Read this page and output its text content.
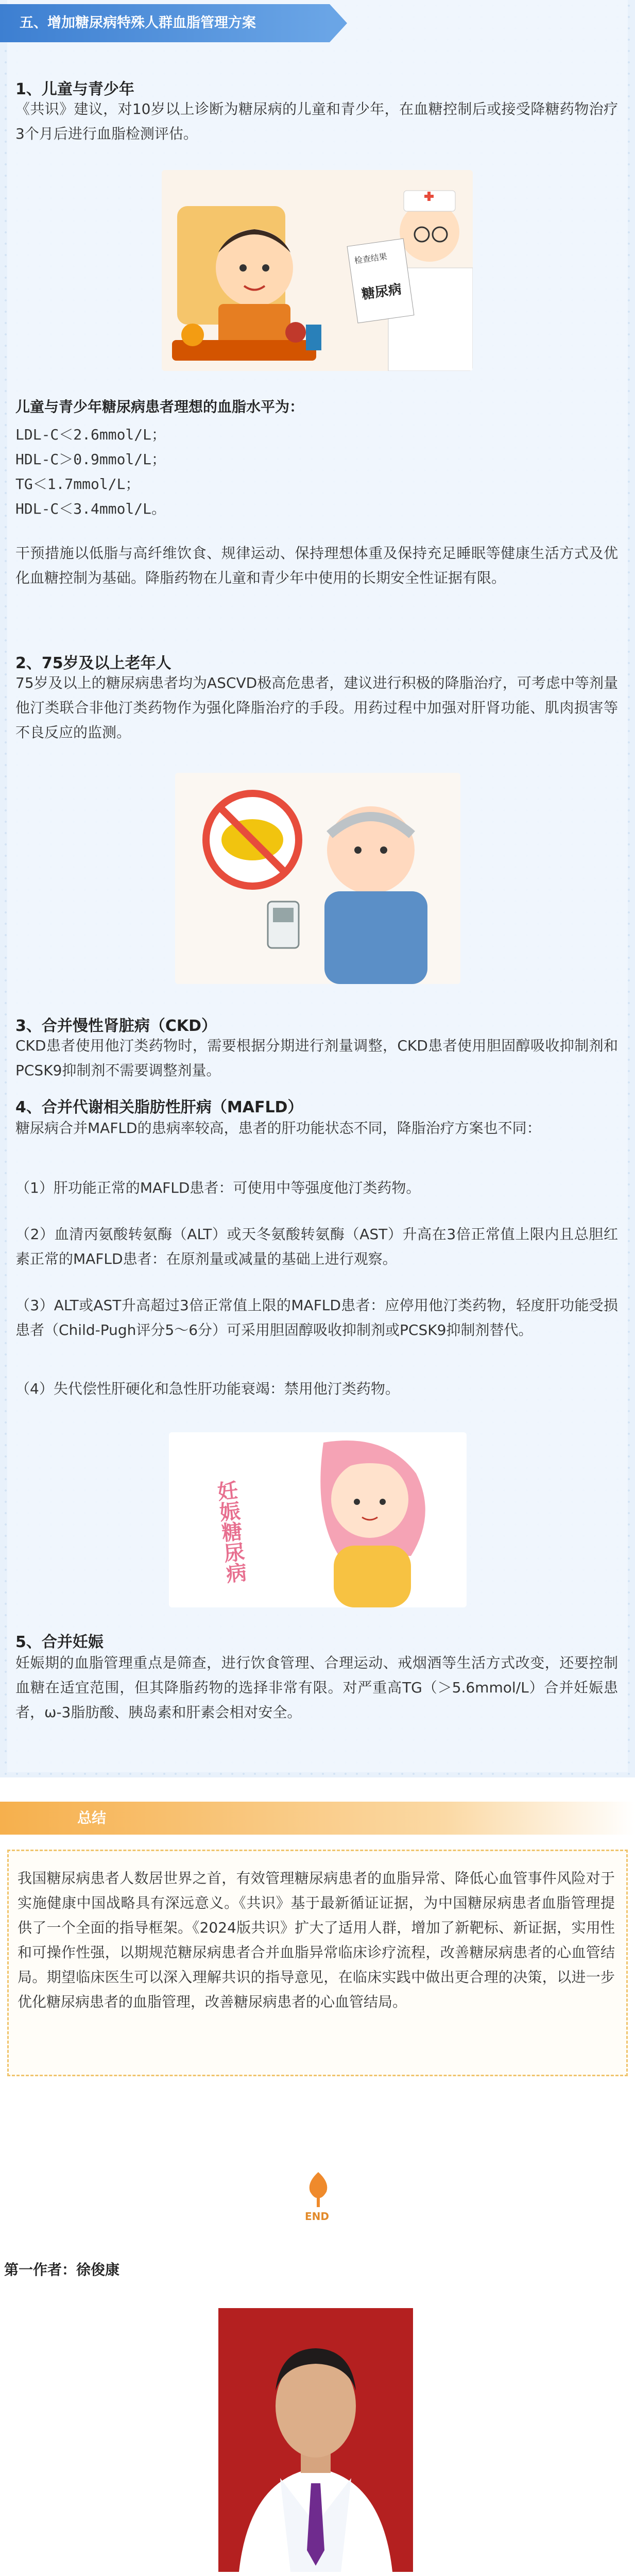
五、增加糖尿病特殊人群血脂管理方案
1、儿童与青少年
《共识》建议，对10岁以上诊断为糖尿病的儿童和青少年，在血糖控制后或接受降糖药物治疗3个月后进行血脂检测评估。
检查结果
糖尿病
儿童与青少年糖尿病患者理想的血脂水平为：
LDL-C＜2.6mmol/L；
HDL-C＞0.9mmol/L；
TG＜1.7mmol/L；
HDL-C＜3.4mmol/L。
干预措施以低脂与高纤维饮食、规律运动、保持理想体重及保持充足睡眠等健康生活方式及优化血糖控制为基础。降脂药物在儿童和青少年中使用的长期安全性证据有限。
2、75岁及以上老年人
75岁及以上的糖尿病患者均为ASCVD极高危患者，建议进行积极的降脂治疗，可考虑中等剂量他汀类联合非他汀类药物作为强化降脂治疗的手段。用药过程中加强对肝肾功能、肌肉损害等不良反应的监测。
3、合并慢性肾脏病（CKD）
CKD患者使用他汀类药物时，需要根据分期进行剂量调整，CKD患者使用胆固醇吸收抑制剂和PCSK9抑制剂不需要调整剂量。
4、合并代谢相关脂肪性肝病（MAFLD）
糖尿病合并MAFLD的患病率较高，患者的肝功能状态不同，降脂治疗方案也不同：
（1）肝功能正常的MAFLD患者：可使用中等强度他汀类药物。
（2）血清丙氨酸转氨酶（ALT）或天冬氨酸转氨酶（AST）升高在3倍正常值上限内且总胆红素正常的MAFLD患者：在原剂量或减量的基础上进行观察。
（3）ALT或AST升高超过3倍正常值上限的MAFLD患者：应停用他汀类药物，轻度肝功能受损患者（Child-Pugh评分5～6分）可采用胆固醇吸收抑制剂或PCSK9抑制剂替代。
（4）失代偿性肝硬化和急性肝功能衰竭：禁用他汀类药物。
妊娠糖尿病
5、合并妊娠
妊娠期的血脂管理重点是筛查，进行饮食管理、合理运动、戒烟酒等生活方式改变，还要控制血糖在适宜范围，但其降脂药物的选择非常有限。对严重高TG（＞5.6mmol/L）合并妊娠患者，ω-3脂肪酸、胰岛素和肝素会相对安全。
总结
我国糖尿病患者人数居世界之首，有效管理糖尿病患者的血脂异常、降低心血管事件风险对于实施健康中国战略具有深远意义。《共识》基于最新循证证据，为中国糖尿病患者血脂管理提供了一个全面的指导框架。《2024版共识》扩大了适用人群，增加了新靶标、新证据，实用性和可操作性强，以期规范糖尿病患者合并血脂异常临床诊疗流程，改善糖尿病患者的心血管结局。期望临床医生可以深入理解共识的指导意见，在临床实践中做出更合理的决策，以进一步优化糖尿病患者的血脂管理，改善糖尿病患者的心血管结局。
END
第一作者：徐俊康
